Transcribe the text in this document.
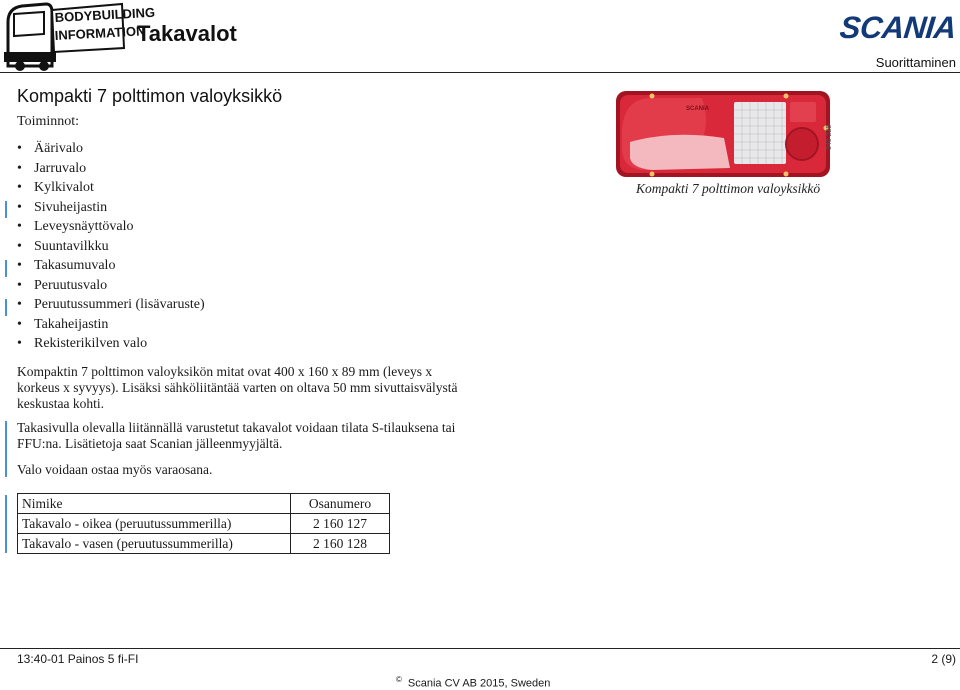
BODYBUILDING
INFORMATION
Takavalot	SCANIA
Suorittaminen
Kompakti 7 polttimon valoyksikkö
Toiminnot:
• Äärivalo
• Jarruvalo
• Kylkivalot
• Sivuheijastin
• Leveysnäyttövalo
• Suuntavilkku
• Takasumuvalo
• Peruutusvalo
• Peruutussummeri (lisävaruste)
• Takaheijastin
• Rekisterikilven valo

Kompaktin 7 polttimon valoyksikön mitat ovat 400 x 160 x 89 mm (leveys x korkeus x syvyys). Lisäksi sähköliitäntää varten on oltava 50 mm sivuttaisvälystä keskustaa kohti.

Takasivulla olevalla liitännällä varustetut takavalot voidaan tilata S-tilauksena tai FFU:na. Lisätietoja saat Scanian jälleenmyyjältä.

Valo voidaan ostaa myös varaosana.

Nimike	Osanumero
Takavalo - oikea (peruutussummerilla)	2 160 127
Takavalo - vasen (peruutussummerilla)	2 160 128
SCANIA
340 225
Kompakti 7 polttimon valoyksikkö
13:40-01 Painos 5 fi-FI	2 (9)
© Scania CV AB 2015, Sweden
